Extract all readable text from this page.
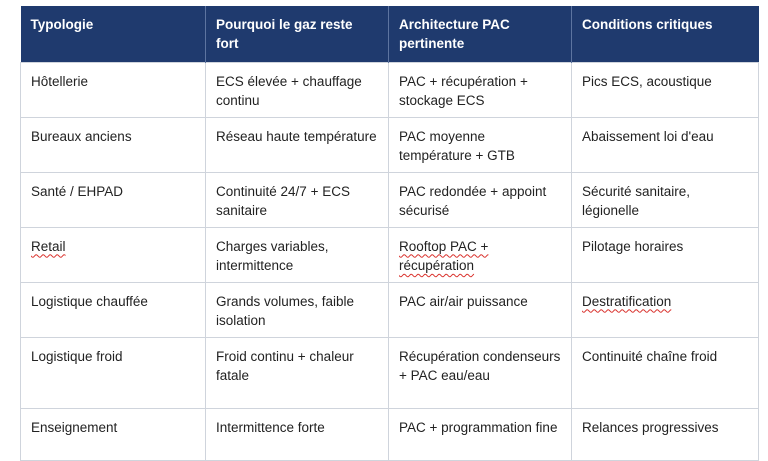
Typologie	Pourquoi le gaz reste fort	Architecture PAC pertinente	Conditions critiques
Hôtellerie	ECS élevée + chauffage continu	PAC + récupération + stockage ECS	Pics ECS, acoustique
Bureaux anciens	Réseau haute température	PAC moyenne température + GTB	Abaissement loi d'eau
Santé / EHPAD	Continuité 24/7 + ECS sanitaire	PAC redondée + appoint sécurisé	Sécurité sanitaire, légionelle
Retail	Charges variables, intermittence	Rooftop PAC + récupération	Pilotage horaires
Logistique chauffée	Grands volumes, faible isolation	PAC air/air puissance	Destratification
Logistique froid	Froid continu + chaleur fatale	Récupération condenseurs + PAC eau/eau	Continuité chaîne froid
Enseignement	Intermittence forte	PAC + programmation fine	Relances progressives
